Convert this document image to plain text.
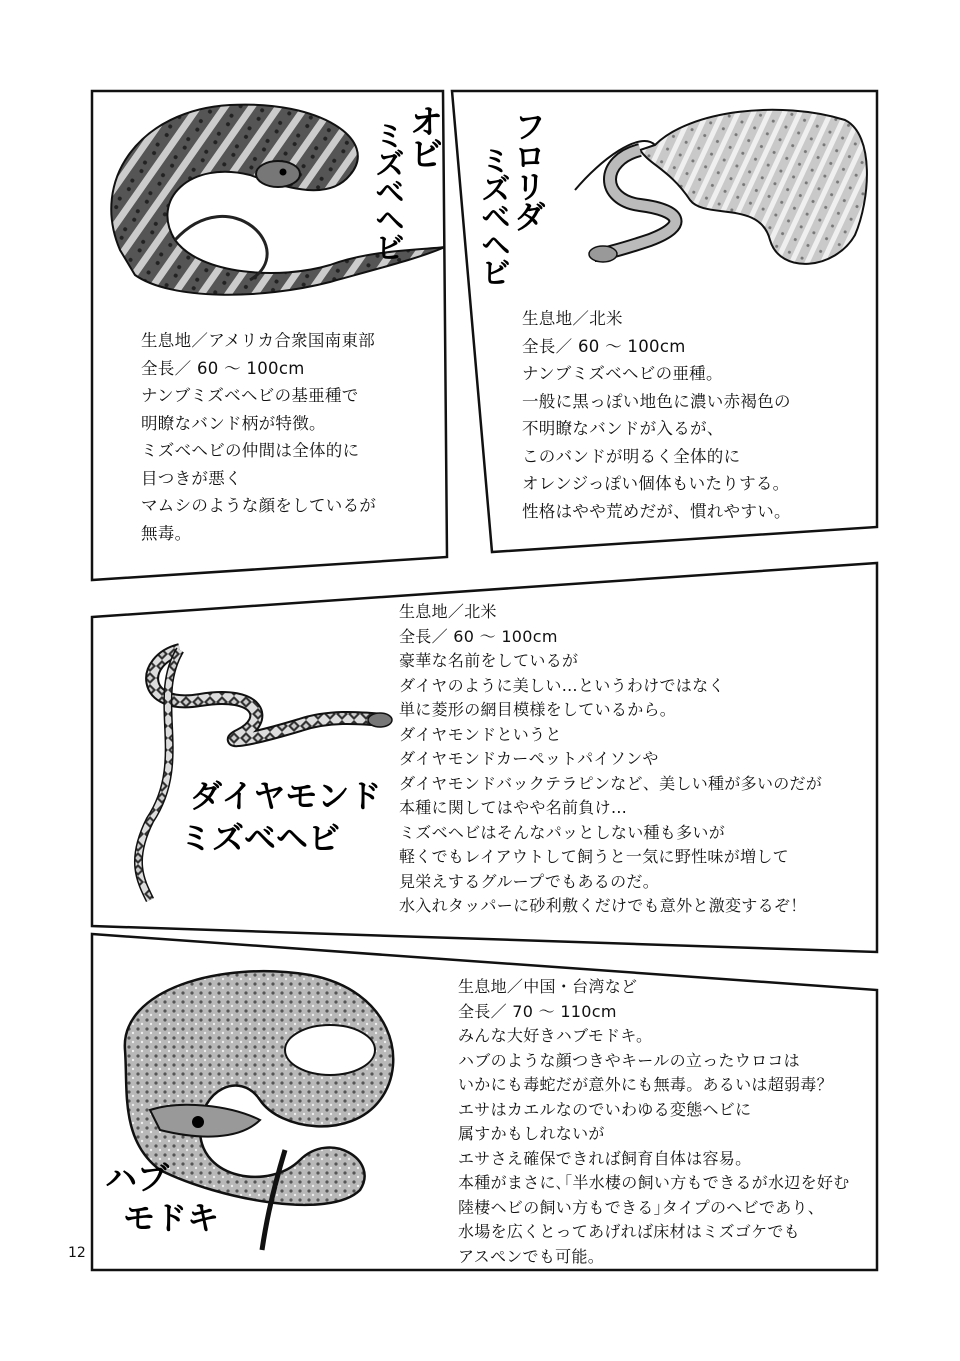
オビ
ミズベヘビ	フロリダ
ミズベヘビ
ダイヤモンド
ミズベヘビ
ハブ
モドキ
生息地／アメリカ合衆国南東部
全長／ 60 〜 100cm
ナンブミズベヘビの基亜種で
明瞭なバンド柄が特徴。
ミズベヘビの仲間は全体的に
目つきが悪く
マムシのような顔をしているが
無毒。
生息地／北米
全長／ 60 〜 100cm
ナンブミズベヘビの亜種。
一般に黒っぽい地色に濃い赤褐色の
不明瞭なバンドが入るが、
このバンドが明るく全体的に
オレンジっぽい個体もいたりする。
性格はやや荒めだが、慣れやすい。
生息地／北米
全長／ 60 〜 100cm
豪華な名前をしているが
ダイヤのように美しい…というわけではなく
単に菱形の網目模様をしているから。
ダイヤモンドというと
ダイヤモンドカーペットパイソンや
ダイヤモンドバックテラピンなど、美しい種が多いのだが
本種に関してはやや名前負け…
ミズベヘビはそんなパッとしない種も多いが
軽くでもレイアウトして飼うと一気に野性味が増して
見栄えするグループでもあるのだ。
水入れタッパーに砂利敷くだけでも意外と激変するぞ！
生息地／中国・台湾など
全長／ 70 〜 110cm
みんな大好きハブモドキ。
ハブのような顔つきやキールの立ったウロコは
いかにも毒蛇だが意外にも無毒。あるいは超弱毒？
エサはカエルなのでいわゆる変態ヘビに
属すかもしれないが
エサさえ確保できれば飼育自体は容易。
本種がまさに､｢半水棲の飼い方もできるが水辺を好む
陸棲ヘビの飼い方もできる｣タイプのヘビであり、
水場を広くとってあげれば床材はミズゴケでも
アスペンでも可能。
12
